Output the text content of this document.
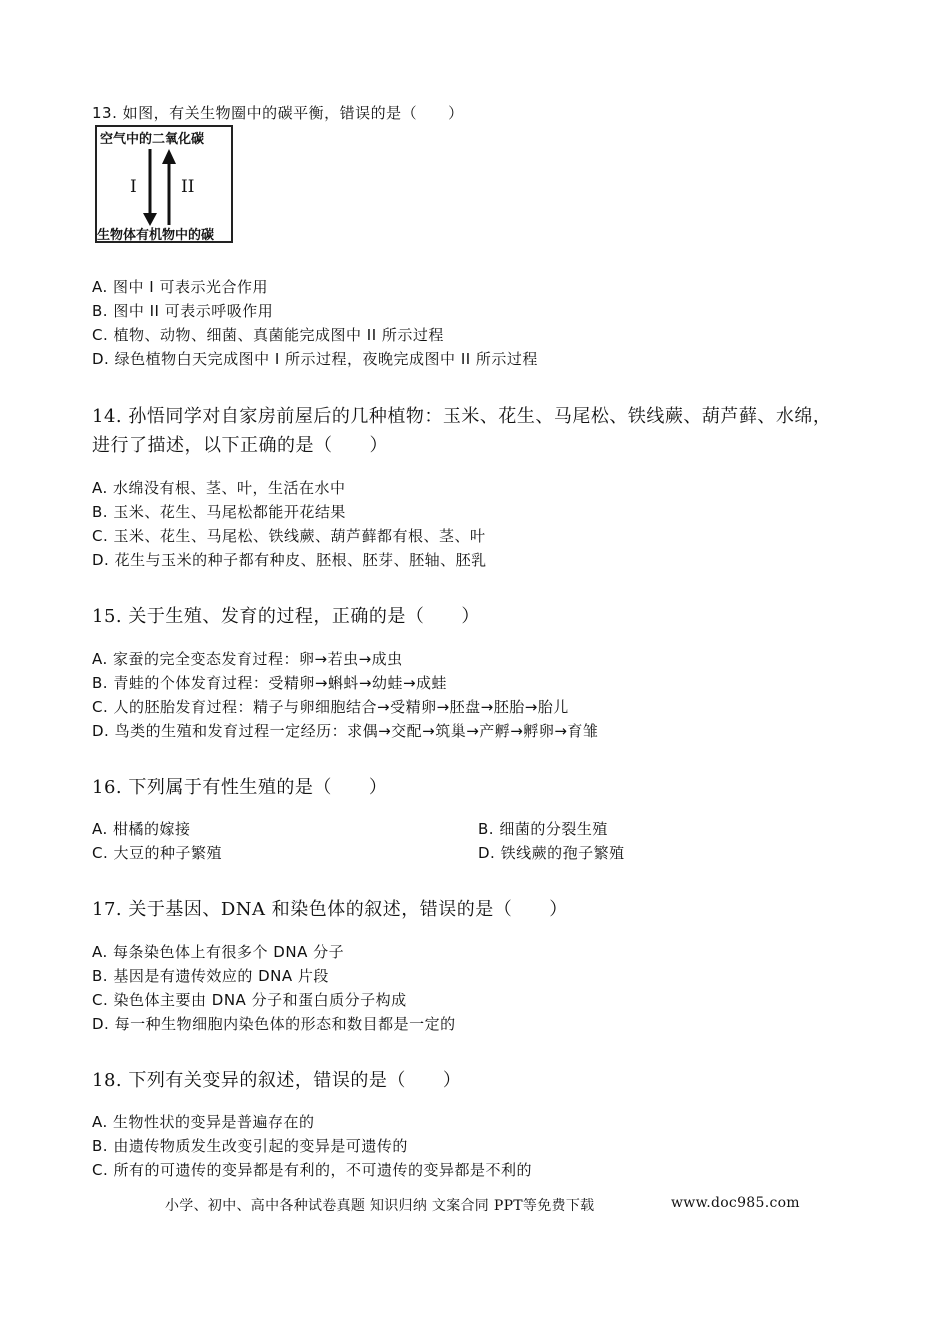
13. 如图，有关生物圈中的碳平衡，错误的是（　　）
空气中的二氧化碳
I	II
生物体有机物中的碳
A. 图中 I 可表示光合作用
B. 图中 II 可表示呼吸作用
C. 植物、动物、细菌、真菌能完成图中 II 所示过程
D. 绿色植物白天完成图中 I 所示过程，夜晚完成图中 II 所示过程
14. 孙悟同学对自家房前屋后的几种植物：玉米、花生、马尾松、铁线蕨、葫芦藓、水绵，
进行了描述，以下正确的是（　　）
A. 水绵没有根、茎、叶，生活在水中
B. 玉米、花生、马尾松都能开花结果
C. 玉米、花生、马尾松、铁线蕨、葫芦藓都有根、茎、叶
D. 花生与玉米的种子都有种皮、胚根、胚芽、胚轴、胚乳
15. 关于生殖、发育的过程，正确的是（　　）
A. 家蚕的完全变态发育过程：卵→若虫→成虫
B. 青蛙的个体发育过程：受精卵→蝌蚪→幼蛙→成蛙
C. 人的胚胎发育过程：精子与卵细胞结合→受精卵→胚盘→胚胎→胎儿
D. 鸟类的生殖和发育过程一定经历：求偶→交配→筑巢→产孵→孵卵→育雏
16. 下列属于有性生殖的是（　　）
A. 柑橘的嫁接	B. 细菌的分裂生殖
C. 大豆的种子繁殖	D. 铁线蕨的孢子繁殖
17. 关于基因、DNA 和染色体的叙述，错误的是（　　）
A. 每条染色体上有很多个 DNA 分子
B. 基因是有遗传效应的 DNA 片段
C. 染色体主要由 DNA 分子和蛋白质分子构成
D. 每一种生物细胞内染色体的形态和数目都是一定的
18. 下列有关变异的叙述，错误的是（　　）
A. 生物性状的变异是普遍存在的
B. 由遗传物质发生改变引起的变异是可遗传的
C. 所有的可遗传的变异都是有利的，不可遗传的变异都是不利的
小学、初中、高中各种试卷真题 知识归纳 文案合同 PPT等免费下载	www.doc985.com
